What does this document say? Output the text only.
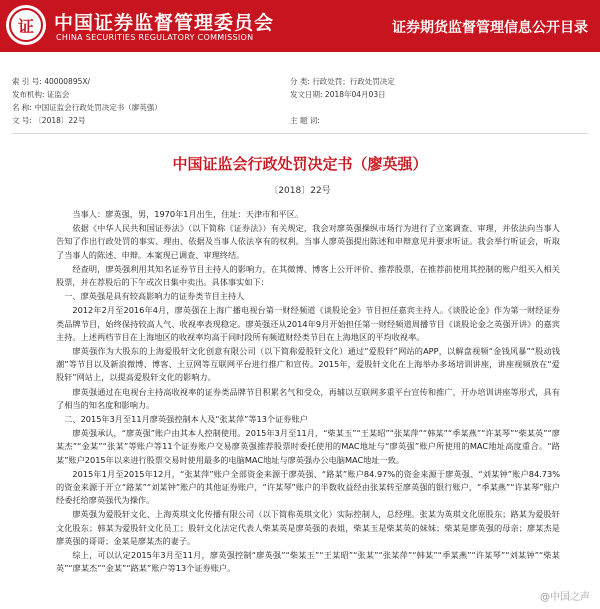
证	中国证券监督管理委员会
CHINA SECURITIES REGULATORY COMMISSION
证券期货监督管理信息公开目录
索 引 号: 40000895X/	分 类: 行政处罚；行政处罚决定
发布机构: 证监会	发文日期: 2018年04月03日
名 称: 中国证监会行政处罚决定书（廖英强）
文 号: 〔2018〕22号	主 题 词:
中国证监会行政处罚决定书（廖英强）
〔2018〕22号

当事人：廖英强，男，1970年1月出生，住址：天津市和平区。

依据《中华人民共和国证券法》（以下简称《证券法》）有关规定，我会对廖英强操纵市场行为进行了立案调查、审理，并依法向当事人告知了作出行政处罚的事实、理由、依据及当事人依法享有的权利。当事人廖英强提出陈述和申辩意见并要求听证。我会举行听证会，听取了当事人的陈述、申辩。本案现已调查、审理终结。

经查明，廖英强利用其知名证券节目主持人的影响力，在其微博、博客上公开评价、推荐股票，在推荐前使用其控制的账户组买入相关股票，并在荐股后的下午或次日集中卖出。具体事实如下：

一、廖英强是具有较高影响力的证券类节目主持人

2012年2月至2016年4月，廖英强在上海广播电视台第一财经频道《谈股论金》节目担任嘉宾主持人。《谈股论金》作为第一财经证券类品牌节目，始终保持较高人气、收视率表现稳定。廖英强还从2014年9月开始担任第一财经频道周播节目《谈股论金之英强开讲》的嘉宾主持。上述两档节目在上海地区的收视率均高于同时段所有频道财经类节目在上海地区的平均收视率。

廖英强作为大股东的上海爱股轩文化创意有限公司（以下简称爱股轩文化）通过“爱股轩”网站的APP，以解盘视频“金钱风暴”“股动钱潮”等节目以及新浪微博、博客、土豆网等互联网平台进行推广和宣传。2015年，爱股轩文化在上海举办多场培训讲座，讲座视频放在“爱股轩”网站上，以提高爱股轩文化的影响力。

廖英强通过在电视台主持高收视率的证券类品牌节目积累名气和受众，再辅以互联网多重平台宣传和推广，开办培训讲座等形式，具有了相当的知名度和影响力。

二、2015年3月至11月廖英强控制本人及“张某萍”等13个证券账户

廖英强承认，“廖英强”账户由其本人控制使用。2015年3月至11月，“柴某玉”“王某昭”“张某萍”“韩某”“季某燕”“许某琴”“柴某英”“廖某杰”“金某”“张某”等账户等11个证券账户交易廖英强推荐股票时委托使用的MAC地址与“廖英强”账户所使用的MAC地址高度重合。“路某”账户2015年以来进行股票交易时使用最多的电脑MAC地址与廖英强办公电脑MAC地址一致。

2015年1月至2015年12月，“张某萍”账户全部资金来源于廖英强、“路某”账户84.97%的资金来源于廖英强、“刘某钟”账户84.73%的资金来源于开立“路某”“刘某钟”账户的其他证券账户，“许某琴”账户的半数收益经由张某转至廖英强的银行账户，“季某燕”“许某琴”账户经委托给廖英强代为操作。

廖英强为爱股轩文化、上海英琪文化传播有限公司（以下简称英琪文化）实际控制人，总经理。张某为英琪文化原股东；路某为爱股轩文化股东；韩某为爱股轩文化员工；股轩文化法定代表人柴某英是廖英强的表姐，柴某玉是柴某英的妹妹；柴某是廖英强的母亲；廖某杰是廖英强的哥哥；金某是廖某杰的妻子。

综上，可以认定2015年3月至11月，廖英强控制“廖英强”“柴某玉”“王某昭”“张某”“张某萍”“韩某”“季某燕”“许某琴”“刘某钟”“柴某英”“廖某杰”“金某”“路某”账户等13个证券账户。

@中国之声
